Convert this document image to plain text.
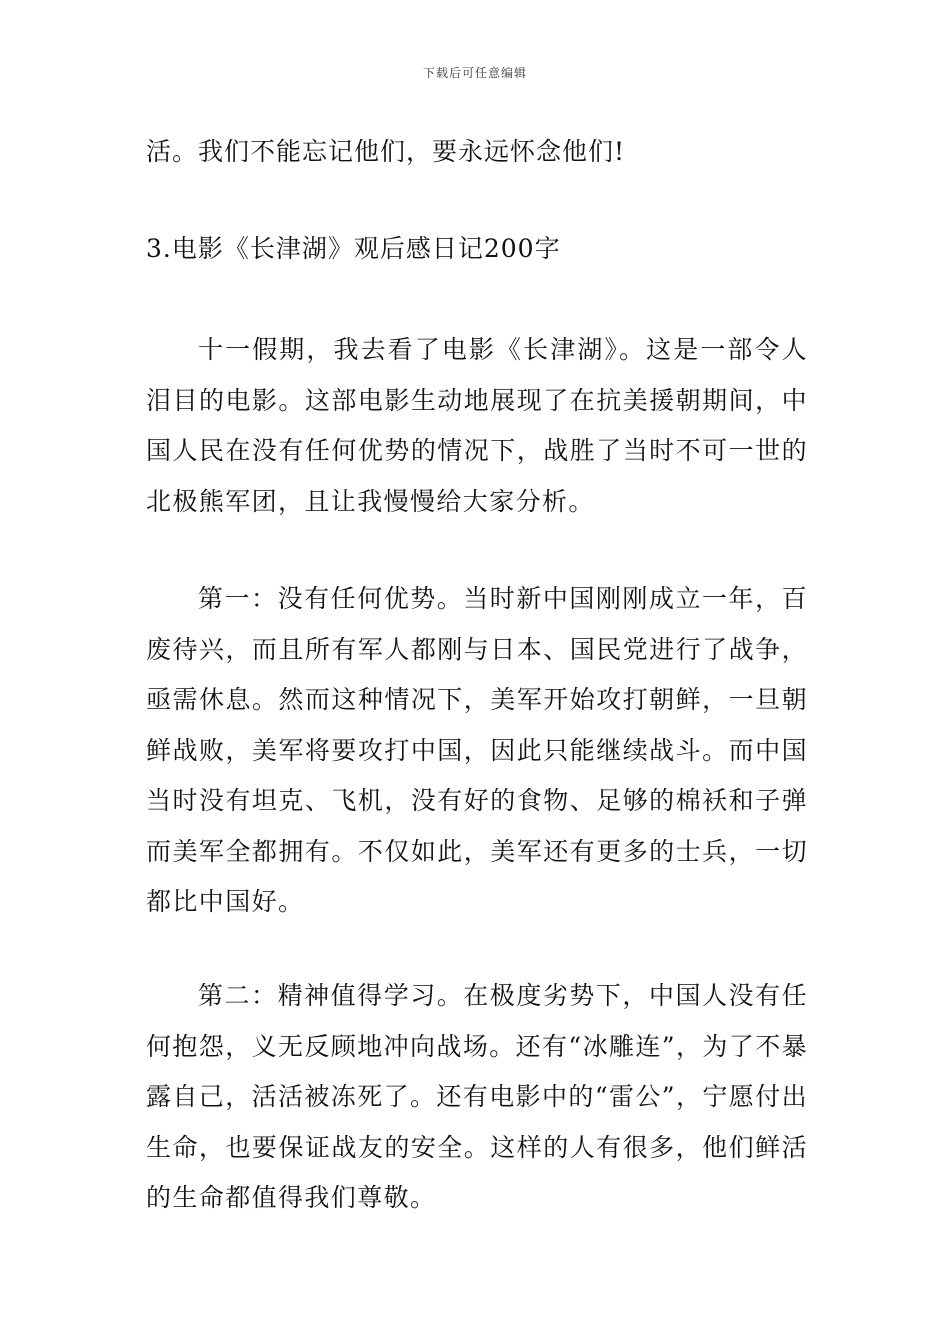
下载后可任意编辑
活。我们不能忘记他们，要永远怀念他们!
3.电影《长津湖》观后感日记200字
十一假期，我去看了电影《长津湖》。这是一部令人泪目的电影。这部电影生动地展现了在抗美援朝期间，中国人民在没有任何优势的情况下，战胜了当时不可一世的北极熊军团，且让我慢慢给大家分析。
第一：没有任何优势。当时新中国刚刚成立一年，百废待兴，而且所有军人都刚与日本、国民党进行了战争，亟需休息。然而这种情况下，美军开始攻打朝鲜，一旦朝鲜战败，美军将要攻打中国，因此只能继续战斗。而中国当时没有坦克、飞机，没有好的食物、足够的棉袄和子弹而美军全都拥有。不仅如此，美军还有更多的士兵，一切都比中国好。
第二：精神值得学习。在极度劣势下，中国人没有任何抱怨，义无反顾地冲向战场。还有“冰雕连”，为了不暴露自己，活活被冻死了。还有电影中的“雷公”，宁愿付出生命，也要保证战友的安全。这样的人有很多，他们鲜活的生命都值得我们尊敬。
